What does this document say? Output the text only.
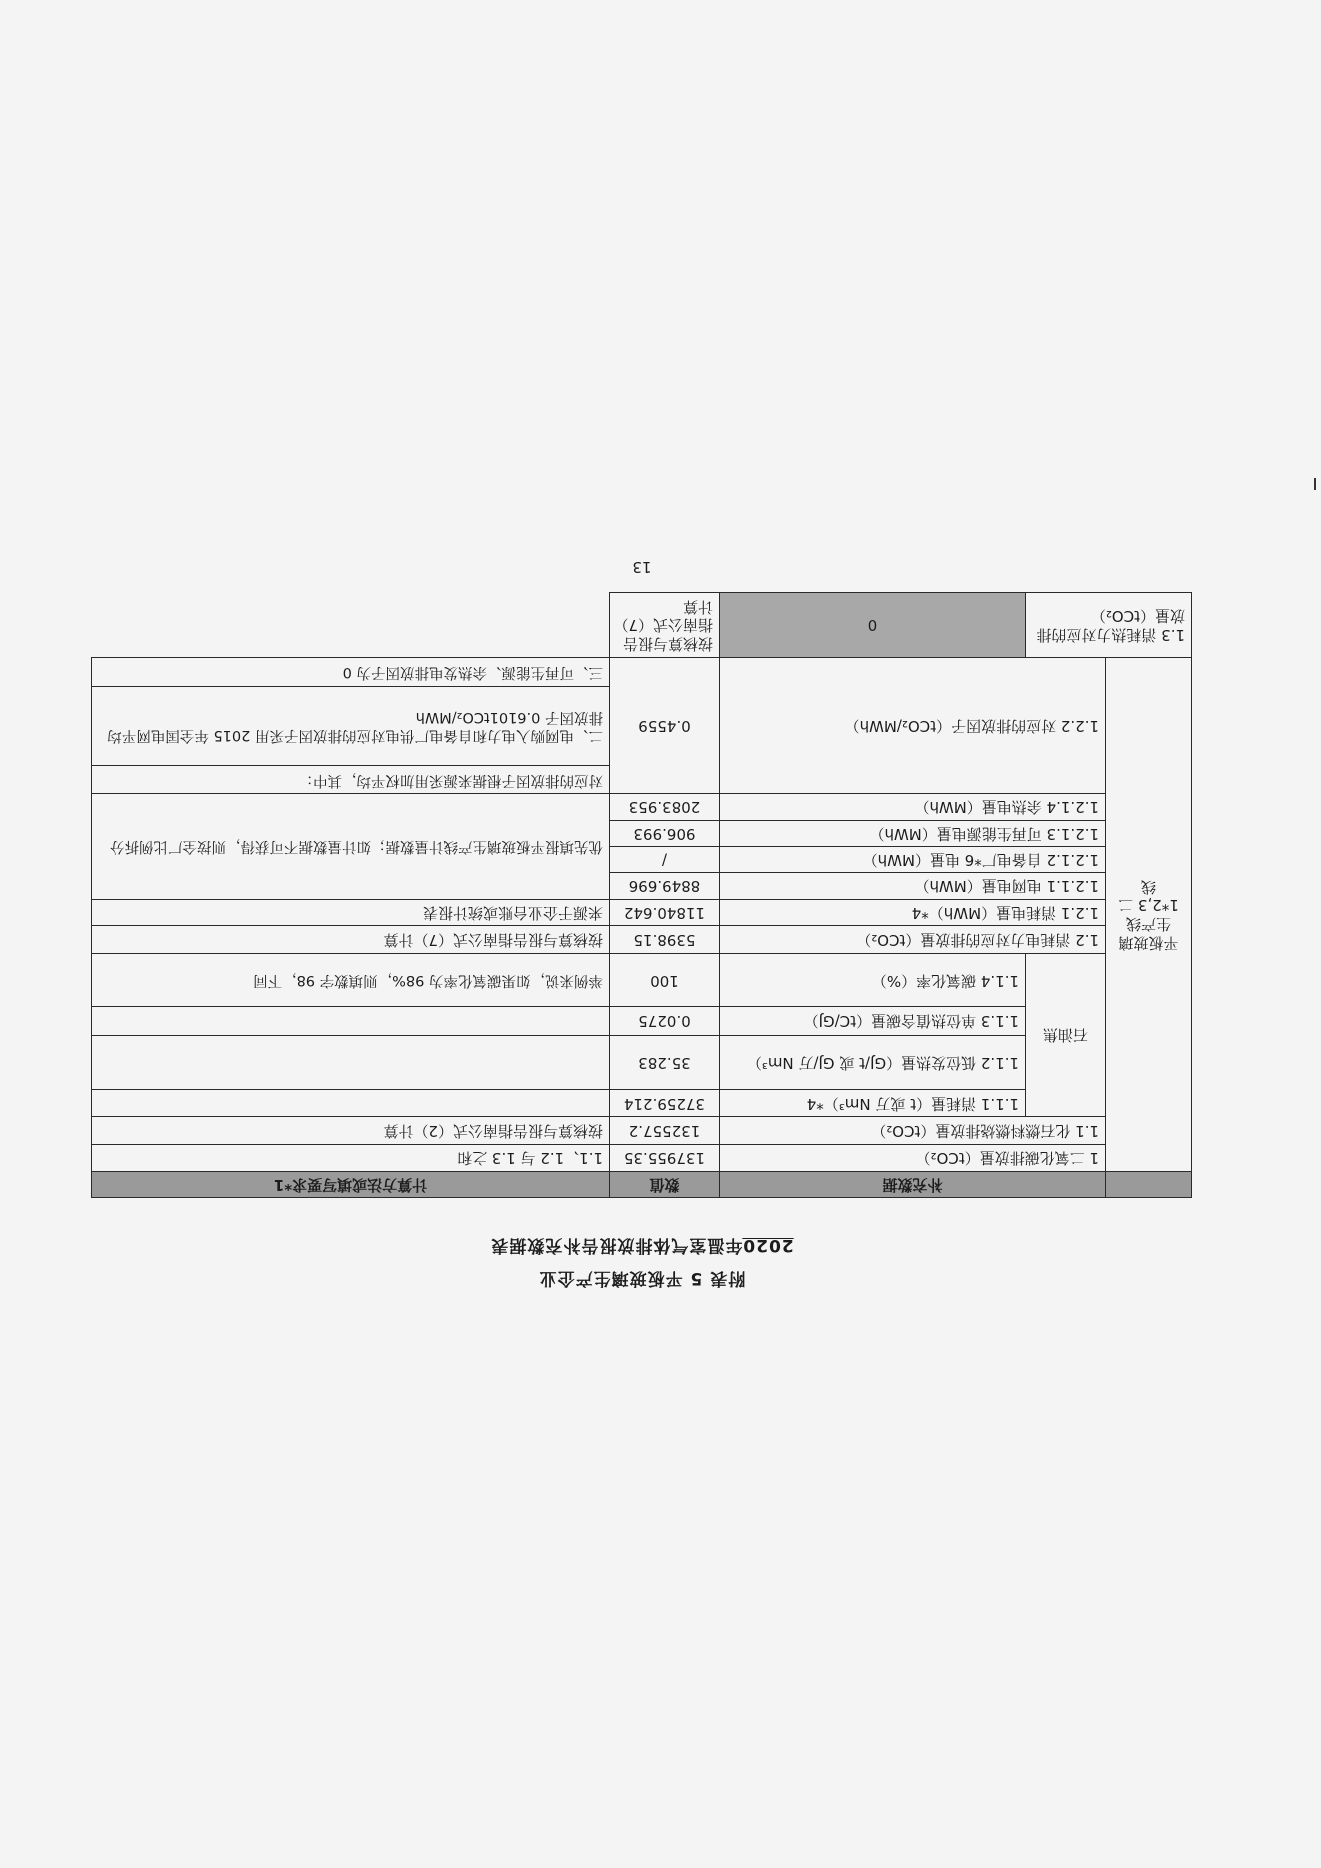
附表 5 平板玻璃生产企业
2020年温室气体排放报告补充数据表
	补充数据		数值	计算方法或填写要求*1
平板玻璃生产线 1*2,3 二线	1 二氧化碳排放量（tCO₂）		137955.35	1.1、1.2 与 1.3 之和
	1.1 化石燃料燃烧排放量（tCO₂）		132557.2	按核算与报告指南公式（2）计算
	石油焦	1.1.1 消耗量（t 或万 Nm³）*4	37259.214	
		1.1.2 低位发热量（GJ/t 或 GJ/万 Nm³）	35.283	
		1.1.3 单位热值含碳量（tC/GJ）	0.0275	
		1.1.4 碳氧化率（%）	100	举例来说，如果碳氧化率为 98%，则填数字 98，下同
	1.2 消耗电力对应的排放量（tCO₂）		5398.15	按核算与报告指南公式（7）计算
	1.2.1 消耗电量（MWh）*4		11840.642	来源于企业台账或统计报表
	1.2.1.1 电网电量（MWh）		8849.696	优先填报平板玻璃生产线计量数据；如计量数据不可获得，则按全厂比例拆分
	1.2.1.2 自备电厂*6 电量（MWh）		/	
	1.2.1.3 可再生能源电量（MWh）		906.993	
	1.2.1.4 余热电量（MWh）		2083.953	
	1.2.2 对应的排放因子（tCO₂/MWh）		0.4559	对应的排放因子根据来源采用加权平均，其中：
				二、电网购入电力和自备电厂供电对应的排放因子采用 2015 年全国电网平均排放因子 0.6101tCO₂/MWh
				三、可再生能源、余热发电排放因子为 0
1.3 消耗热力对应的排放量（tCO₂）		0	按核算与报告指南公式（7）计算	
13
